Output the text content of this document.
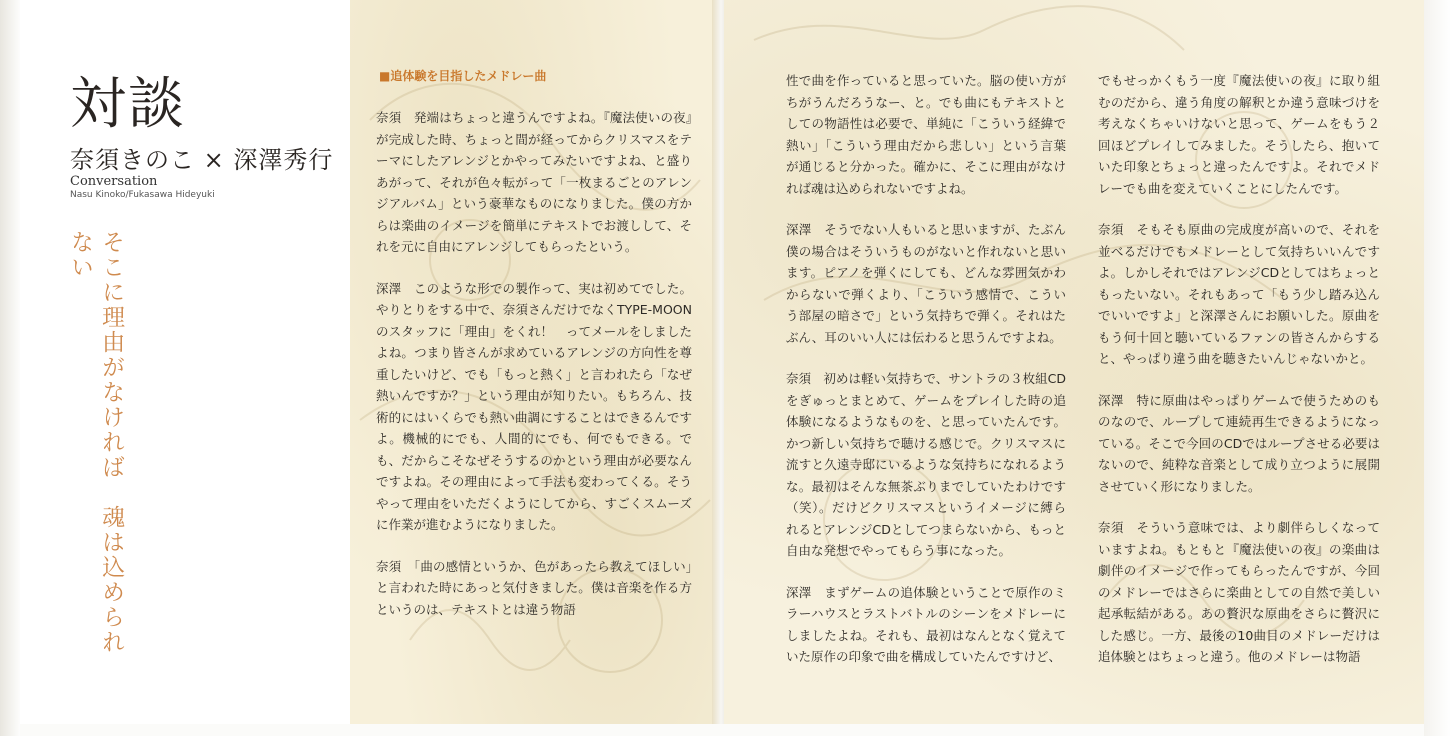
対談
奈須きのこ × 深澤秀行
Conversation
Nasu Kinoko/Fukasawa Hideyuki
そこに理由がなければ　魂は込められない
■追体験を目指したメドレー曲

奈須　発端はちょっと違うんですよね。『魔法使いの夜』が完成した時、ちょっと間が経ってからクリスマスをテーマにしたアレンジとかやってみたいですよね、と盛りあがって、それが色々転がって「一枚まるごとのアレンジアルバム」という豪華なものになりました。僕の方からは楽曲のイメージを簡単にテキストでお渡しして、それを元に自由にアレンジしてもらったという。

深澤　このような形での製作って、実は初めてでした。やりとりをする中で、奈須さんだけでなくTYPE-MOONのスタッフに「理由」をくれ！　ってメールをしましたよね。つまり皆さんが求めているアレンジの方向性を尊重したいけど、でも「もっと熱く」と言われたら「なぜ熱いんですか？」という理由が知りたい。もちろん、技術的にはいくらでも熱い曲調にすることはできるんですよ。機械的にでも、人間的にでも、何でもできる。でも、だからこそなぜそうするのかという理由が必要なんですよね。その理由によって手法も変わってくる。そうやって理由をいただくようにしてから、すごくスムーズに作業が進むようになりました。

奈須　「曲の感情というか、色があったら教えてほしい」と言われた時にあっと気付きました。僕は音楽を作る方というのは、テキストとは違う物語

性で曲を作っていると思っていた。脳の使い方がちがうんだろうなー、と。でも曲にもテキストとしての物語性は必要で、単純に「こういう経緯で熱い」「こういう理由だから悲しい」という言葉が通じると分かった。確かに、そこに理由がなければ魂は込められないですよね。

深澤　そうでない人もいると思いますが、たぶん僕の場合はそういうものがないと作れないと思います。ピアノを弾くにしても、どんな雰囲気かわからないで弾くより、「こういう感情で、こういう部屋の暗さで」という気持ちで弾く。それはたぶん、耳のいい人には伝わると思うんですよね。

奈須　初めは軽い気持ちで、サントラの３枚組CDをぎゅっとまとめて、ゲームをプレイした時の追体験になるようなものを、と思っていたんです。かつ新しい気持ちで聴ける感じで。クリスマスに流すと久遠寺邸にいるような気持ちになれるような。最初はそんな無茶ぶりまでしていたわけです（笑）。だけどクリスマスというイメージに縛られるとアレンジCDとしてつまらないから、もっと自由な発想でやってもらう事になった。

深澤　まずゲームの追体験ということで原作のミラーハウスとラストバトルのシーンをメドレーにしましたよね。それも、最初はなんとなく覚えていた原作の印象で曲を構成していたんですけど、

でもせっかくもう一度『魔法使いの夜』に取り組むのだから、違う角度の解釈とか違う意味づけを考えなくちゃいけないと思って、ゲームをもう２回ほどプレイしてみました。そうしたら、抱いていた印象とちょっと違ったんですよ。それでメドレーでも曲を変えていくことにしたんです。

奈須　そもそも原曲の完成度が高いので、それを並べるだけでもメドレーとして気持ちいいんですよ。しかしそれではアレンジCDとしてはちょっともったいない。それもあって「もう少し踏み込んでいいですよ」と深澤さんにお願いした。原曲をもう何十回と聴いているファンの皆さんからすると、やっぱり違う曲を聴きたいんじゃないかと。

深澤　特に原曲はやっぱりゲームで使うためのものなので、ループして連続再生できるようになっている。そこで今回のCDではループさせる必要はないので、純粋な音楽として成り立つように展開させていく形になりました。

奈須　そういう意味では、より劇伴らしくなっていますよね。もともと『魔法使いの夜』の楽曲は劇伴のイメージで作ってもらったんですが、今回のメドレーではさらに楽曲としての自然で美しい起承転結がある。あの贅沢な原曲をさらに贅沢にした感じ。一方、最後の10曲目のメドレーだけは追体験とはちょっと違う。他のメドレーは物語
